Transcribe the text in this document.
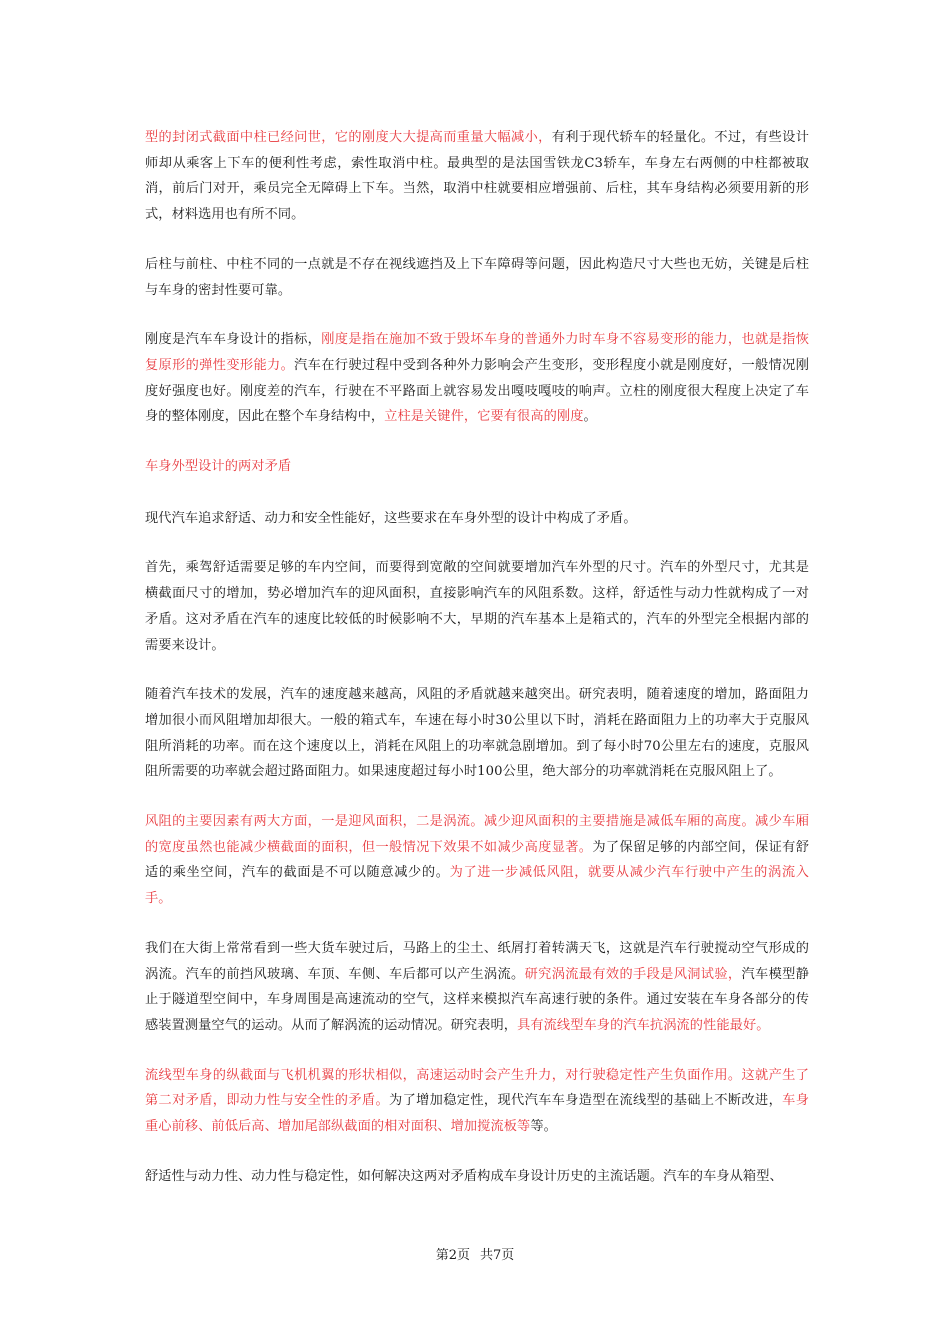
型的封闭式截面中柱已经问世，它的刚度大大提高而重量大幅减小，有利于现代轿车的轻量化。不过，有些设计师却从乘客上下车的便利性考虑，索性取消中柱。最典型的是法国雪铁龙C3轿车，车身左右两侧的中柱都被取消，前后门对开，乘员完全无障碍上下车。当然，取消中柱就要相应增强前、后柱，其车身结构必须要用新的形式，材料选用也有所不同。

后柱与前柱、中柱不同的一点就是不存在视线遮挡及上下车障碍等问题，因此构造尺寸大些也无妨，关键是后柱与车身的密封性要可靠。

刚度是汽车车身设计的指标，刚度是指在施加不致于毁坏车身的普通外力时车身不容易变形的能力，也就是指恢复原形的弹性变形能力。汽车在行驶过程中受到各种外力影响会产生变形，变形程度小就是刚度好，一般情况刚度好强度也好。刚度差的汽车，行驶在不平路面上就容易发出嘎吱嘎吱的响声。立柱的刚度很大程度上决定了车身的整体刚度，因此在整个车身结构中，立柱是关键件，它要有很高的刚度。

车身外型设计的两对矛盾

现代汽车追求舒适、动力和安全性能好，这些要求在车身外型的设计中构成了矛盾。

首先，乘驾舒适需要足够的车内空间，而要得到宽敞的空间就要增加汽车外型的尺寸。汽车的外型尺寸，尤其是横截面尺寸的增加，势必增加汽车的迎风面积，直接影响汽车的风阻系数。这样，舒适性与动力性就构成了一对矛盾。这对矛盾在汽车的速度比较低的时候影响不大，早期的汽车基本上是箱式的，汽车的外型完全根据内部的需要来设计。

随着汽车技术的发展，汽车的速度越来越高，风阻的矛盾就越来越突出。研究表明，随着速度的增加，路面阻力增加很小而风阻增加却很大。一般的箱式车，车速在每小时30公里以下时，消耗在路面阻力上的功率大于克服风阻所消耗的功率。而在这个速度以上，消耗在风阻上的功率就急剧增加。到了每小时70公里左右的速度，克服风阻所需要的功率就会超过路面阻力。如果速度超过每小时100公里，绝大部分的功率就消耗在克服风阻上了。

风阻的主要因素有两大方面，一是迎风面积，二是涡流。减少迎风面积的主要措施是减低车厢的高度。减少车厢的宽度虽然也能减少横截面的面积，但一般情况下效果不如减少高度显著。为了保留足够的内部空间，保证有舒适的乘坐空间，汽车的截面是不可以随意减少的。为了进一步减低风阻，就要从减少汽车行驶中产生的涡流入手。

我们在大街上常常看到一些大货车驶过后，马路上的尘土、纸屑打着转满天飞，这就是汽车行驶搅动空气形成的涡流。汽车的前挡风玻璃、车顶、车侧、车后都可以产生涡流。研究涡流最有效的手段是风洞试验，汽车模型静止于隧道型空间中，车身周围是高速流动的空气，这样来模拟汽车高速行驶的条件。通过安装在车身各部分的传感装置测量空气的运动。从而了解涡流的运动情况。研究表明，具有流线型车身的汽车抗涡流的性能最好。

流线型车身的纵截面与飞机机翼的形状相似，高速运动时会产生升力，对行驶稳定性产生负面作用。这就产生了第二对矛盾，即动力性与安全性的矛盾。为了增加稳定性，现代汽车车身造型在流线型的基础上不断改进，车身重心前移、前低后高、增加尾部纵截面的相对面积、增加搅流板等等。

舒适性与动力性、动力性与稳定性，如何解决这两对矛盾构成车身设计历史的主流话题。汽车的车身从箱型、

第2页 共7页
